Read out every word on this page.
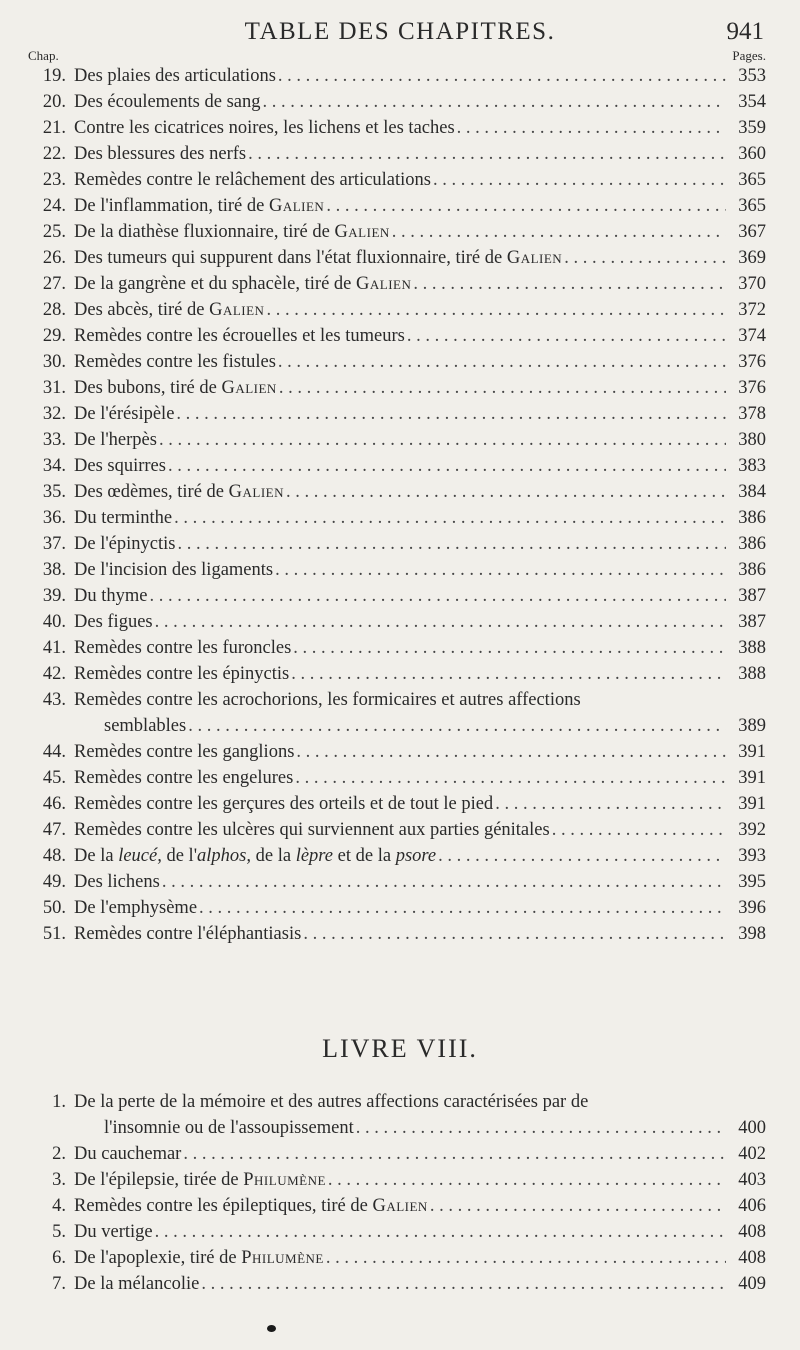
TABLE DES CHAPITRES.	941
Chap.	Pages.
19. Des plaies des articulations . . .	353
20. Des écoulements de sang . . .	354
21. Contre les cicatrices noires, les lichens et les taches . . .	359
22. Des blessures des nerfs . . .	360
23. Remèdes contre le relâchement des articulations . . .	365
24. De l'inflammation, tiré de Galien . . .	365
25. De la diathèse fluxionnaire, tiré de Galien . . .	367
26. Des tumeurs qui suppurent dans l'état fluxionnaire, tiré de Galien . . .	369
27. De la gangrène et du sphacèle, tiré de Galien . . .	370
28. Des abcès, tiré de Galien . . .	372
29. Remèdes contre les écrouelles et les tumeurs . . .	374
30. Remèdes contre les fistules . . .	376
31. Des bubons, tiré de Galien . . .	376
32. De l'érésipèle . . .	378
33. De l'herpès . . .	380
34. Des squirres . . .	383
35. Des œdèmes, tiré de Galien . . .	384
36. Du terminthe . . .	386
37. De l'épinyctis . . .	386
38. De l'incision des ligaments . . .	386
39. Du thyme . . .	387
40. Des figues . . .	387
41. Remèdes contre les furoncles . . .	388
42. Remèdes contre les épinyctis . . .	388
43. Remèdes contre les acrochorions, les formicaires et autres affections
semblables . . .	389
44. Remèdes contre les ganglions . . .	391
45. Remèdes contre les engelures . . .	391
46. Remèdes contre les gerçures des orteils et de tout le pied . . .	391
47. Remèdes contre les ulcères qui surviennent aux parties génitales . . .	392
48. De la leucé, de l'alphos, de la lèpre et de la psore . . .	393
49. Des lichens . . .	395
50. De l'emphysème . . .	396
51. Remèdes contre l'éléphantiasis . . .	398
LIVRE VIII.
1. De la perte de la mémoire et des autres affections caractérisées par de
l'insomnie ou de l'assoupissement . . .	400
2. Du cauchemar . . .	402
3. De l'épilepsie, tirée de Philumène . . .	403
4. Remèdes contre les épileptiques, tiré de Galien . . .	406
5. Du vertige . . .	408
6. De l'apoplexie, tiré de Philumène . . .	408
7. De la mélancolie . . .	409
